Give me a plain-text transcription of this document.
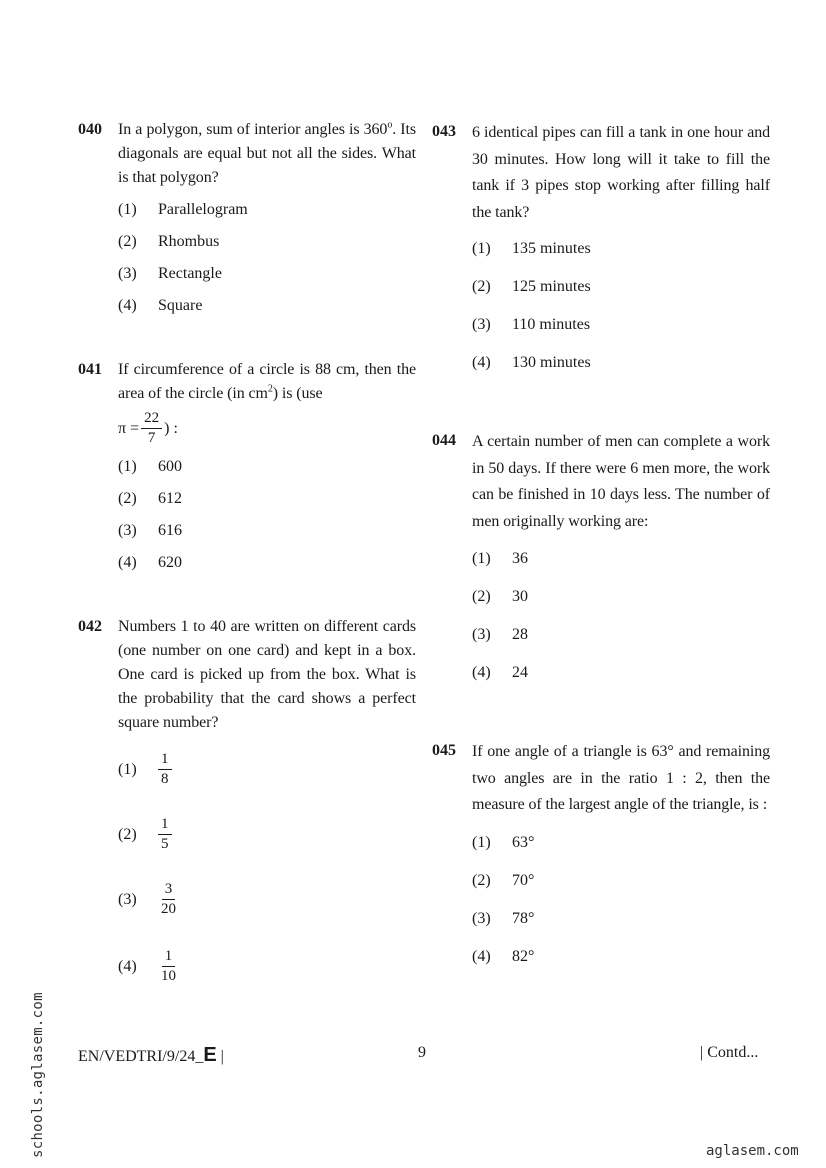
040 In a polygon, sum of interior angles is 360$^o$. Its diagonals are equal but not all the sides. What is that polygon?
(1)	Parallelogram
(2)	Rhombus
(3)	Rectangle
(4)	Square
041 If circumference of a circle is 88 cm, then the area of the circle (in $cm^2$) is (use
$\pi = \frac{22}{7}$ ) :
(1)	600
(2)	612
(3)	616
(4)	620
042 Numbers 1 to 40 are written on different cards (one number on one card) and kept in a box. One card is picked up from the box. What is the probability that the card shows a perfect square number?
(1)	$\frac{1}{8}$
(2)	$\frac{1}{5}$
(3)	$\frac{3}{20}$
(4)	$\frac{1}{10}$
043 6 identical pipes can fill a tank in one hour and 30 minutes. How long will it take to fill the tank if 3 pipes stop working after filling half the tank?
(1)	135 minutes
(2)	125 minutes
(3)	110 minutes
(4)	130 minutes
044 A certain number of men can complete a work in 50 days. If there were 6 men more, the work can be finished in 10 days less. The number of men originally working are:
(1)	36
(2)	30
(3)	28
(4)	24
045 If one angle of a triangle is 63° and remaining two angles are in the ratio 1 : 2, then the measure of the largest angle of the triangle, is :
(1)	63°
(2)	70°
(3)	78°
(4)	82°
EN/VEDTRI/9/24_E |	9	| Contd...
schools.aglasem.com	aglasem.com
